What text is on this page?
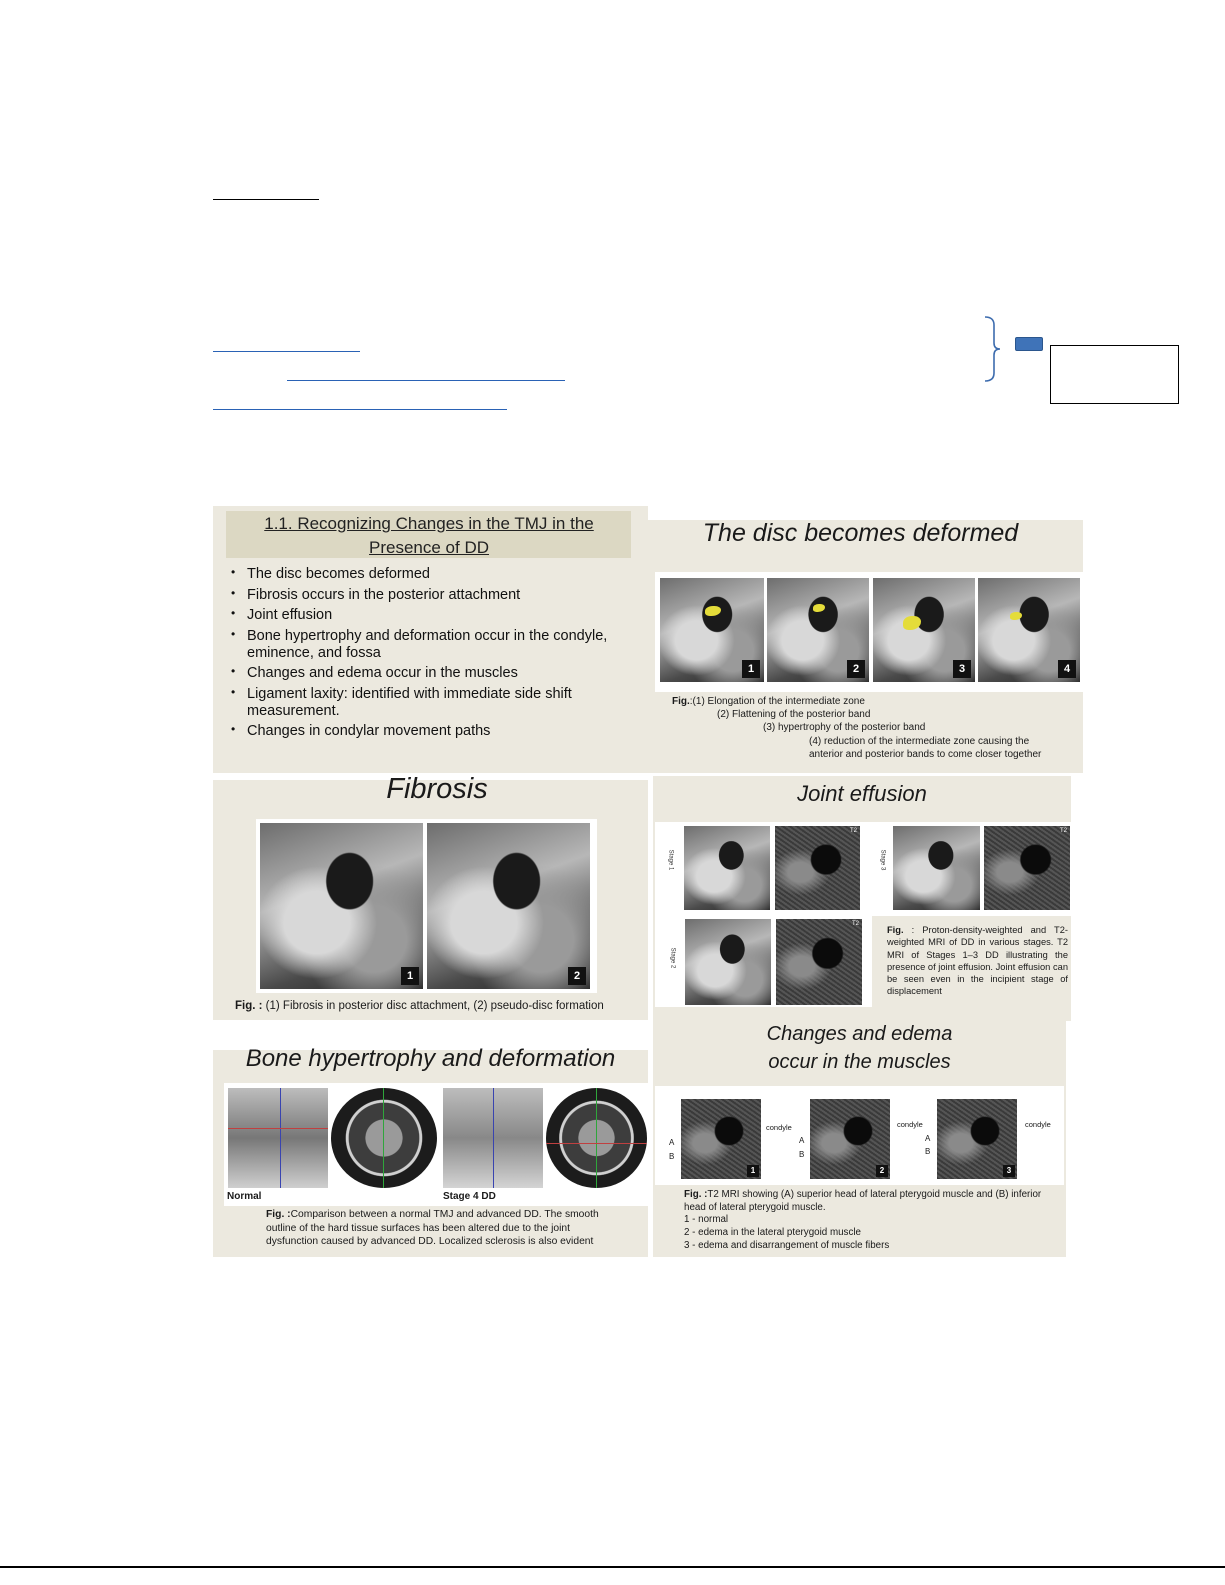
1.1. Recognizing Changes in the TMJ in the Presence of DD
• The disc becomes deformed
• Fibrosis occurs in the posterior attachment
• Joint effusion
• Bone hypertrophy and deformation occur in the condyle, eminence, and fossa
• Changes and edema occur in the muscles
• Ligament laxity: identified with immediate side shift measurement.
• Changes in condylar movement paths
The disc becomes deformed
1	2	3	4
Fig.:(1) Elongation of the intermediate zone
(2) Flattening of the posterior band
(3) hypertrophy of the posterior band
(4) reduction of the intermediate zone causing the
anterior and posterior bands to come closer together
Fibrosis
1	2
Fig. : (1) Fibrosis in posterior disc attachment, (2) pseudo-disc formation
Joint effusion
Stage 1
Stage 2
Stage 3
T2	T2
T2
Fig. : Proton-density-weighted and T2-weighted MRI of DD in various stages. T2 MRI of Stages 1–3 DD illustrating the presence of joint effusion. Joint effusion can be seen even in the incipient stage of displacement
Bone hypertrophy and deformation
Normal	Stage 4 DD
Fig. :Comparison between a normal TMJ and advanced DD. The smooth outline of the hard tissue surfaces has been altered due to the joint dysfunction caused by advanced DD. Localized sclerosis is also evident
Changes and edema
occur in the muscles
1
condyle
A
B
2
condyle
A
B
3
condyle
A
B
Fig. :T2 MRI showing (A) superior head of lateral pterygoid muscle and (B) inferior head of lateral pterygoid muscle.
1 - normal
2 - edema in the lateral pterygoid muscle
3 - edema and disarrangement of muscle fibers
